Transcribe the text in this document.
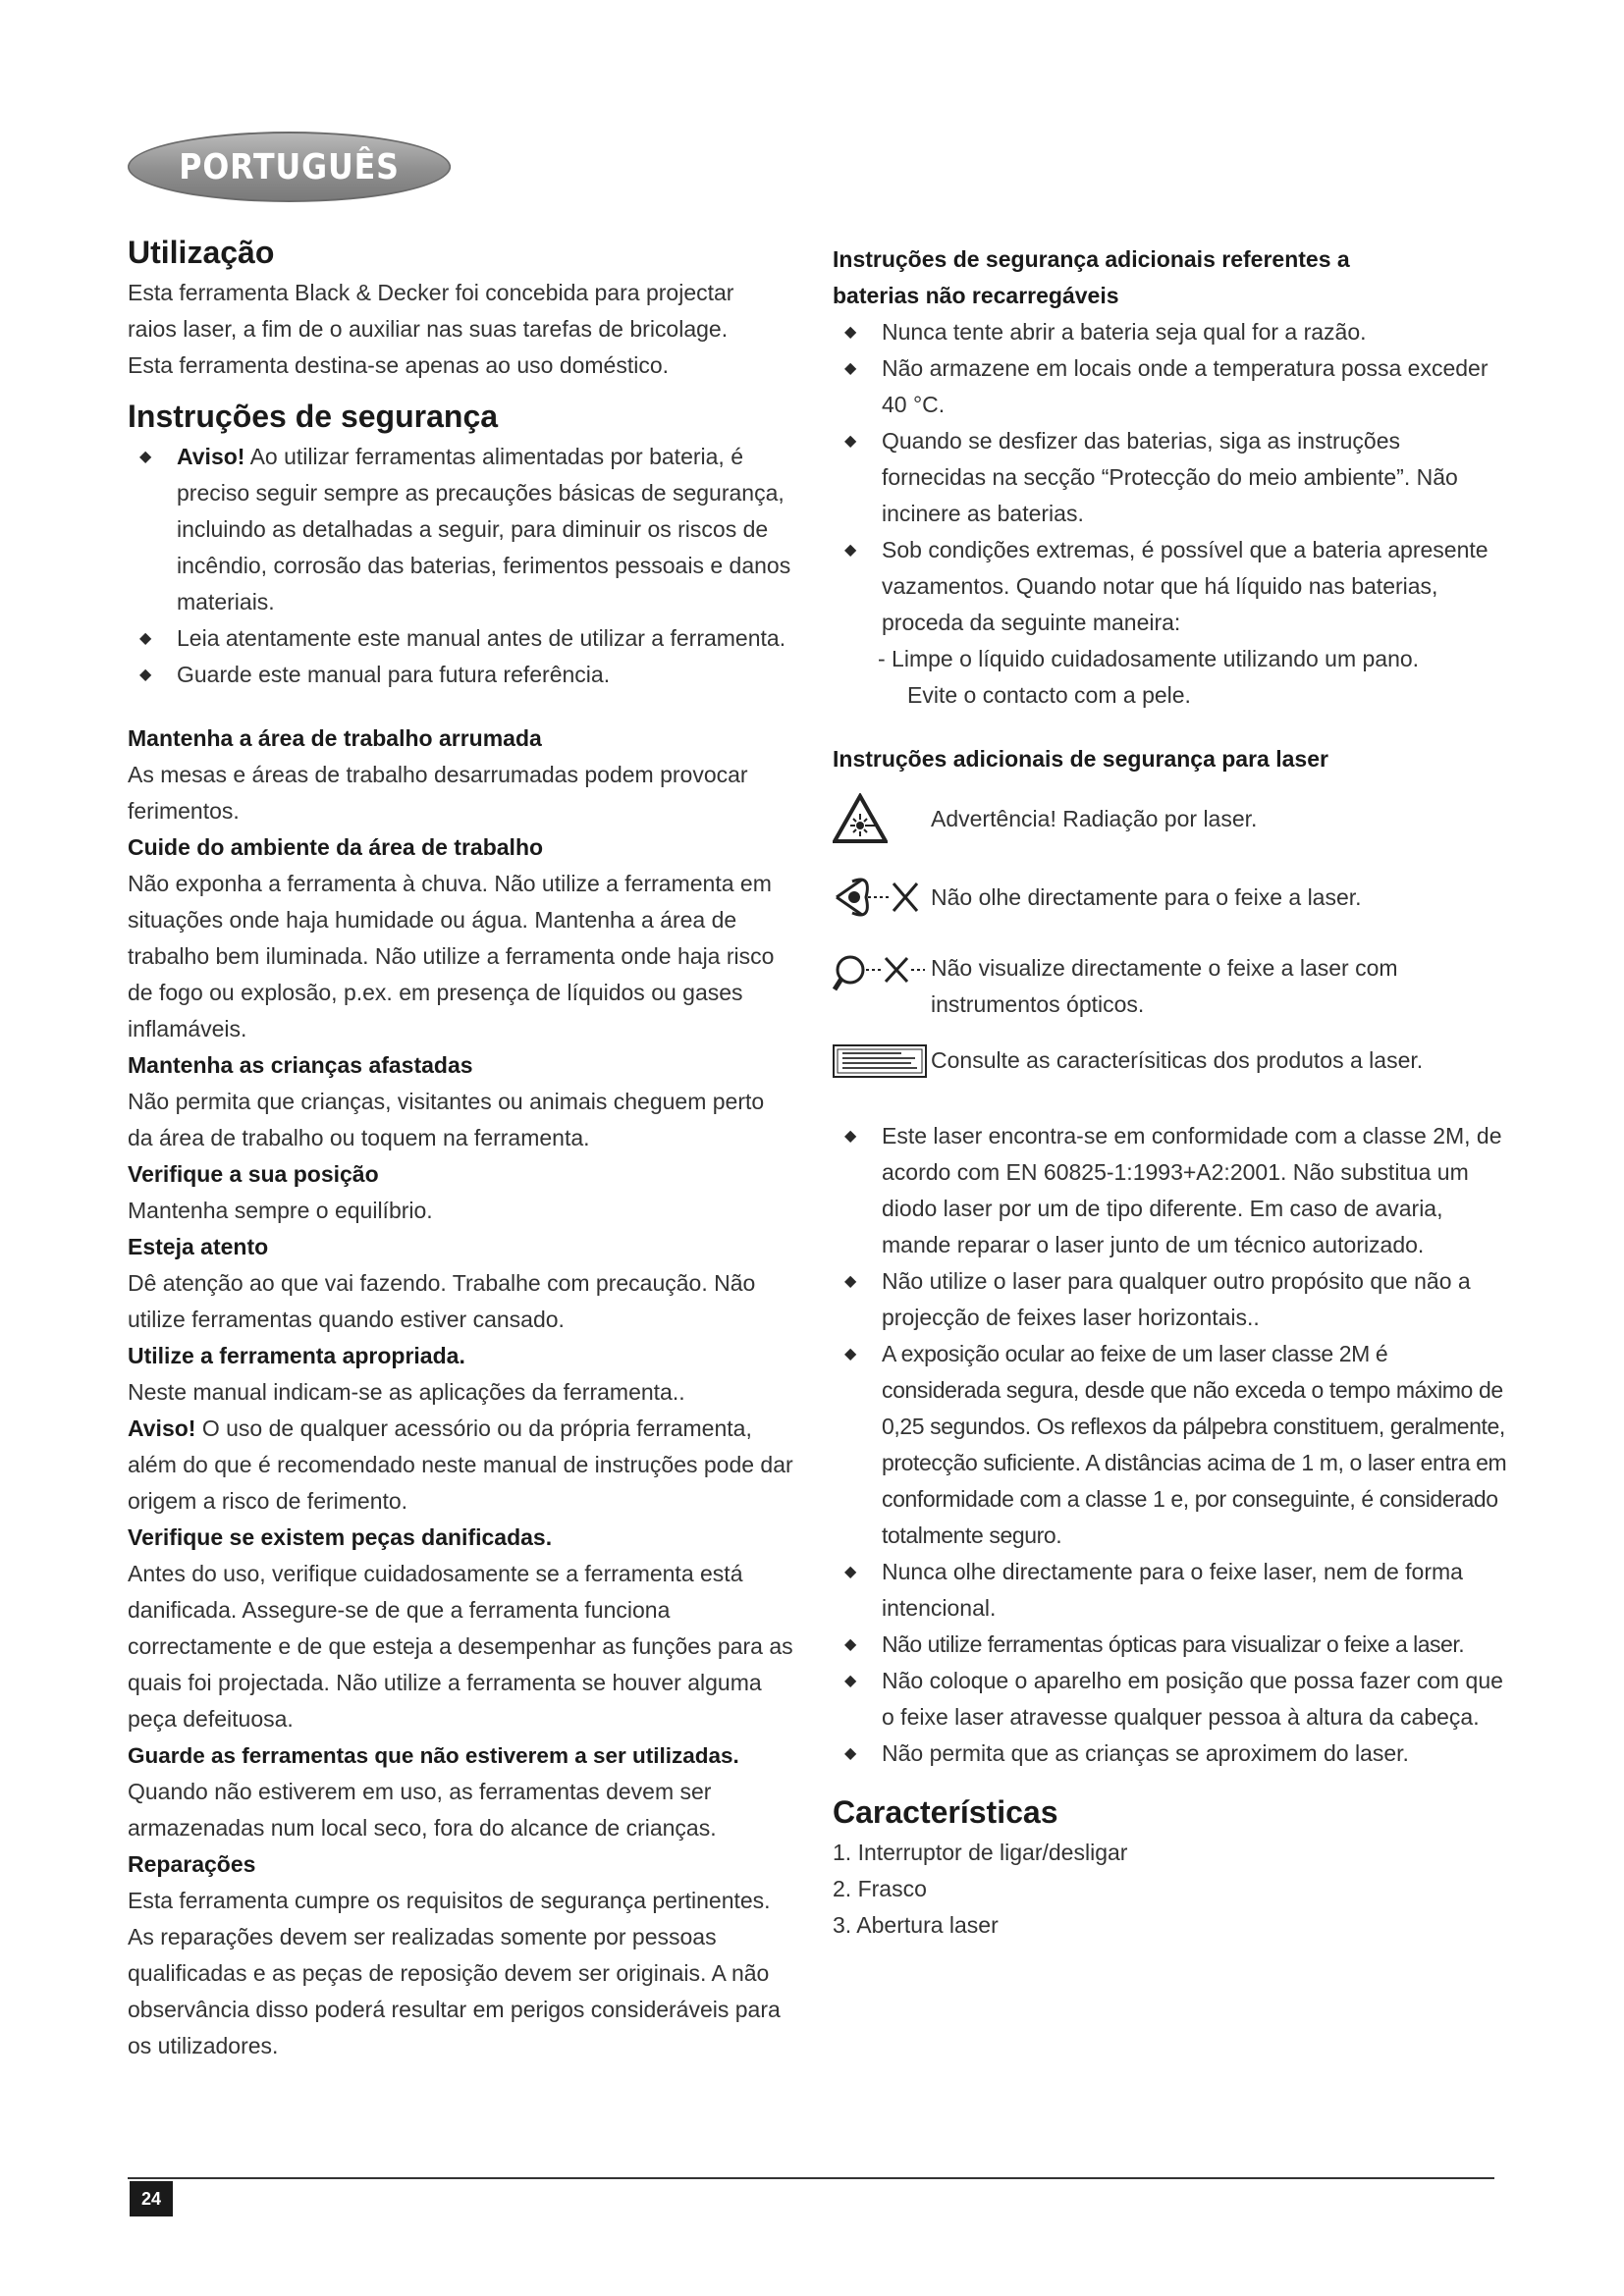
PORTUGUÊS
Utilização
Esta ferramenta Black & Decker foi concebida para projectar raios laser, a fim de o auxiliar nas suas tarefas de bricolage. Esta ferramenta destina-se apenas ao uso doméstico.
Instruções de segurança
◆ Aviso! Ao utilizar ferramentas alimentadas por bateria, é preciso seguir sempre as precauções básicas de segurança, incluindo as detalhadas a seguir, para diminuir os riscos de incêndio, corrosão das baterias, ferimentos pessoais e danos materiais.
◆ Leia atentamente este manual antes de utilizar a ferramenta.
◆ Guarde este manual para futura referência.
Mantenha a área de trabalho arrumada
As mesas e áreas de trabalho desarrumadas podem provocar ferimentos.
Cuide do ambiente da área de trabalho
Não exponha a ferramenta à chuva. Não utilize a ferramenta em situações onde haja humidade ou água. Mantenha a área de trabalho bem iluminada. Não utilize a ferramenta onde haja risco de fogo ou explosão, p.ex. em presença de líquidos ou gases inflamáveis.
Mantenha as crianças afastadas
Não permita que crianças, visitantes ou animais cheguem perto da área de trabalho ou toquem na ferramenta.
Verifique a sua posição
Mantenha sempre o equilíbrio.
Esteja atento
Dê atenção ao que vai fazendo. Trabalhe com precaução. Não utilize ferramentas quando estiver cansado.
Utilize a ferramenta apropriada.
Neste manual indicam-se as aplicações da ferramenta..
Aviso! O uso de qualquer acessório ou da própria ferramenta, além do que é recomendado neste manual de instruções pode dar origem a risco de ferimento.
Verifique se existem peças danificadas.
Antes do uso, verifique cuidadosamente se a ferramenta está danificada. Assegure-se de que a ferramenta funciona correctamente e de que esteja a desempenhar as funções para as quais foi projectada. Não utilize a ferramenta se houver alguma peça defeituosa.
Guarde as ferramentas que não estiverem a ser utilizadas.
Quando não estiverem em uso, as ferramentas devem ser armazenadas num local seco, fora do alcance de crianças.
Reparações
Esta ferramenta cumpre os requisitos de segurança pertinentes. As reparações devem ser realizadas somente por pessoas qualificadas e as peças de reposição devem ser originais. A não observância disso poderá resultar em perigos consideráveis para os utilizadores.
Instruções de segurança adicionais referentes a baterias não recarregáveis
◆ Nunca tente abrir a bateria seja qual for a razão.
◆ Não armazene em locais onde a temperatura possa exceder 40 °C.
◆ Quando se desfizer das baterias, siga as instruções fornecidas na secção “Protecção do meio ambiente”. Não incinere as baterias.
◆ Sob condições extremas, é possível que a bateria apresente vazamentos. Quando notar que há líquido nas baterias, proceda da seguinte maneira:
- Limpe o líquido cuidadosamente utilizando um pano.
Evite o contacto com a pele.
Instruções adicionais de segurança para laser
Advertência! Radiação por laser.
Não olhe directamente para o feixe a laser.
Não visualize directamente o feixe a laser com instrumentos ópticos.
Consulte as caracterísiticas dos produtos a laser.
◆ Este laser encontra-se em conformidade com a classe 2M, de acordo com EN 60825-1:1993+A2:2001. Não substitua um diodo laser por um de tipo diferente. Em caso de avaria, mande reparar o laser junto de um técnico autorizado.
◆ Não utilize o laser para qualquer outro propósito que não a projecção de feixes laser horizontais..
◆ A exposição ocular ao feixe de um laser classe 2M é considerada segura, desde que não exceda o tempo máximo de 0,25 segundos. Os reflexos da pálpebra constituem, geralmente, protecção suficiente. A distâncias acima de 1 m, o laser entra em conformidade com a classe 1 e, por conseguinte, é considerado totalmente seguro.
◆ Nunca olhe directamente para o feixe laser, nem de forma intencional.
◆ Não utilize ferramentas ópticas para visualizar o feixe a laser.
◆ Não coloque o aparelho em posição que possa fazer com que o feixe laser atravesse qualquer pessoa à altura da cabeça.
◆ Não permita que as crianças se aproximem do laser.
Características
1. Interruptor de ligar/desligar
2. Frasco
3. Abertura laser
24
